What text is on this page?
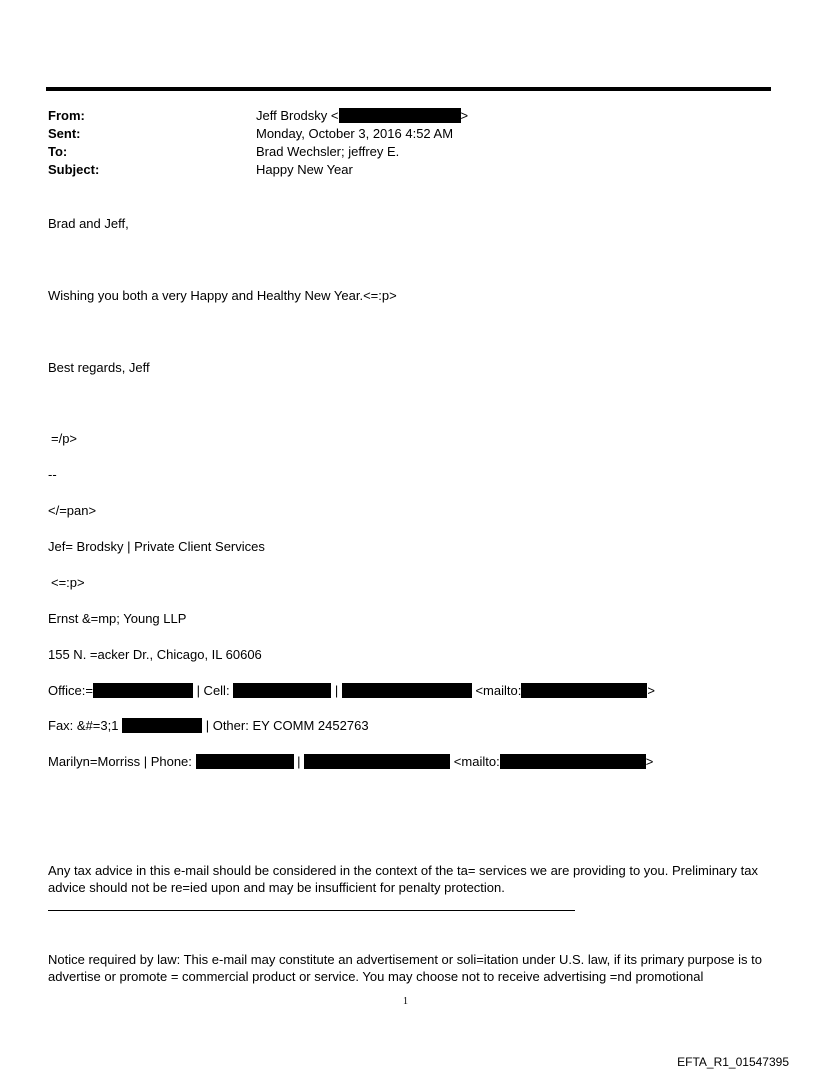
From:	Jeff Brodsky <	>
Sent:	Monday, October 3, 2016 4:52 AM
To:	Brad Wechsler; jeffrey E.
Subject:	Happy New Year
Brad and Jeff,
Wishing you both a very Happy and Healthy New Year.<=:p>
Best regards, Jeff
=/p>
--
</=pan>
Jef= Brodsky | Private Client Services
<=:p>
Ernst &=mp; Young LLP
155 N. =acker Dr., Chicago, IL 60606
Office:=	| Cell:	|	<mailto:	>
Fax: &#=3;1	| Other: EY COMM 2452763
Marilyn=Morriss | Phone:	|	<mailto:	>
Any tax advice in this e-mail should be considered in the context of the ta= services we are providing to you. Preliminary tax advice should not be re=ied upon and may be insufficient for penalty protection.
Notice required by law: This e-mail may constitute an advertisement or soli=itation under U.S. law, if its primary purpose is to advertise or promote = commercial product or service. You may choose not to receive advertising =nd promotional
1
EFTA_R1_01547395
